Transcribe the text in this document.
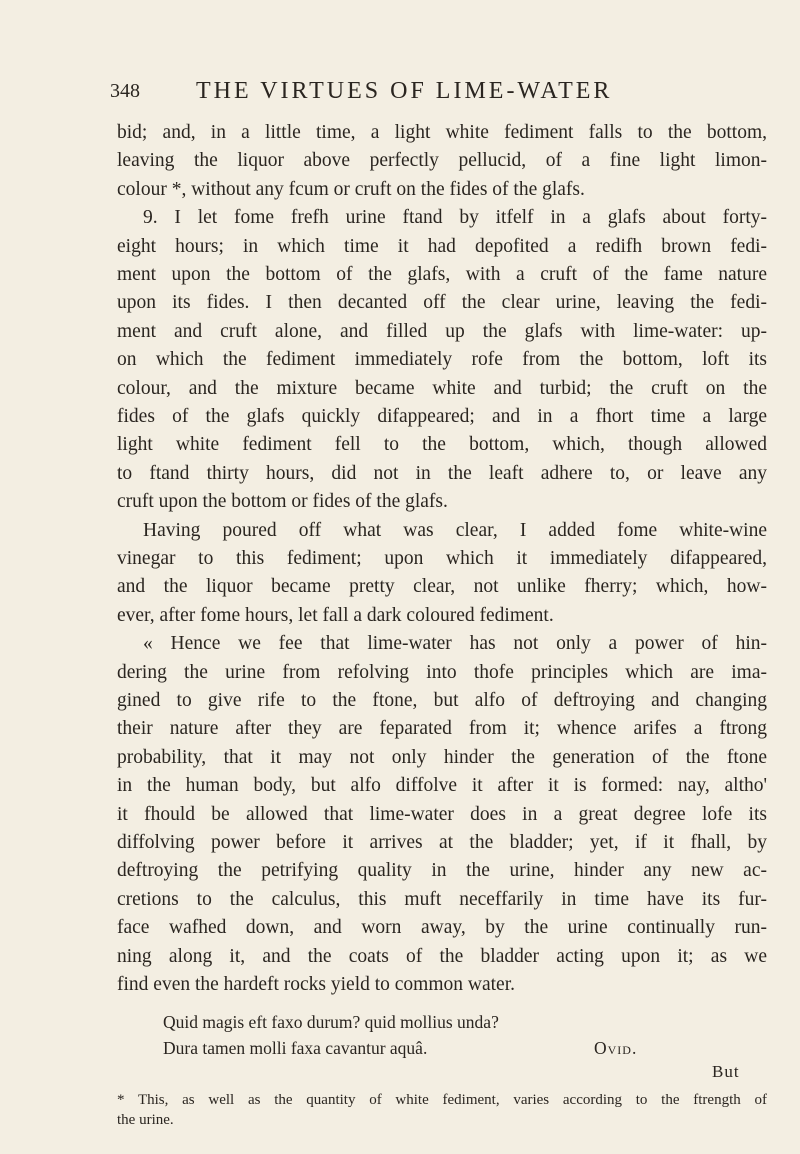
348 THE VIRTUES OF LIME-WATER
bid; and, in a little time, a light white fediment falls to the bottom,
leaving the liquor above perfectly pellucid, of a fine light limon-
colour *, without any fcum or cruft on the fides of the glafs.
9. I let fome frefh urine ftand by itfelf in a glafs about forty-
eight hours; in which time it had depofited a redifh brown fedi-
ment upon the bottom of the glafs, with a cruft of the fame nature
upon its fides. I then decanted off the clear urine, leaving the fedi-
ment and cruft alone, and filled up the glafs with lime-water: up-
on which the fediment immediately rofe from the bottom, loft its
colour, and the mixture became white and turbid; the cruft on the
fides of the glafs quickly difappeared; and in a fhort time a large
light white fediment fell to the bottom, which, though allowed
to ftand thirty hours, did not in the leaft adhere to, or leave any
cruft upon the bottom or fides of the glafs.
Having poured off what was clear, I added fome white-wine
vinegar to this fediment; upon which it immediately difappeared,
and the liquor became pretty clear, not unlike fherry; which, how-
ever, after fome hours, let fall a dark coloured fediment.
« Hence we fee that lime-water has not only a power of hin-
dering the urine from refolving into thofe principles which are ima-
gined to give rife to the ftone, but alfo of deftroying and changing
their nature after they are feparated from it; whence arifes a ftrong
probability, that it may not only hinder the generation of the ftone
in the human body, but alfo diffolve it after it is formed: nay, altho'
it fhould be allowed that lime-water does in a great degree lofe its
diffolving power before it arrives at the bladder; yet, if it fhall, by
deftroying the petrifying quality in the urine, hinder any new ac-
cretions to the calculus, this muft neceffarily in time have its fur-
face wafhed down, and worn away, by the urine continually run-
ning along it, and the coats of the bladder acting upon it; as we
find even the hardeft rocks yield to common water.
Quid magis eft faxo durum? quid mollius unda?
Dura tamen molli faxa cavantur aquâ.	Ovid.
But
* This, as well as the quantity of white fediment, varies according to the ftrength of
the urine.
